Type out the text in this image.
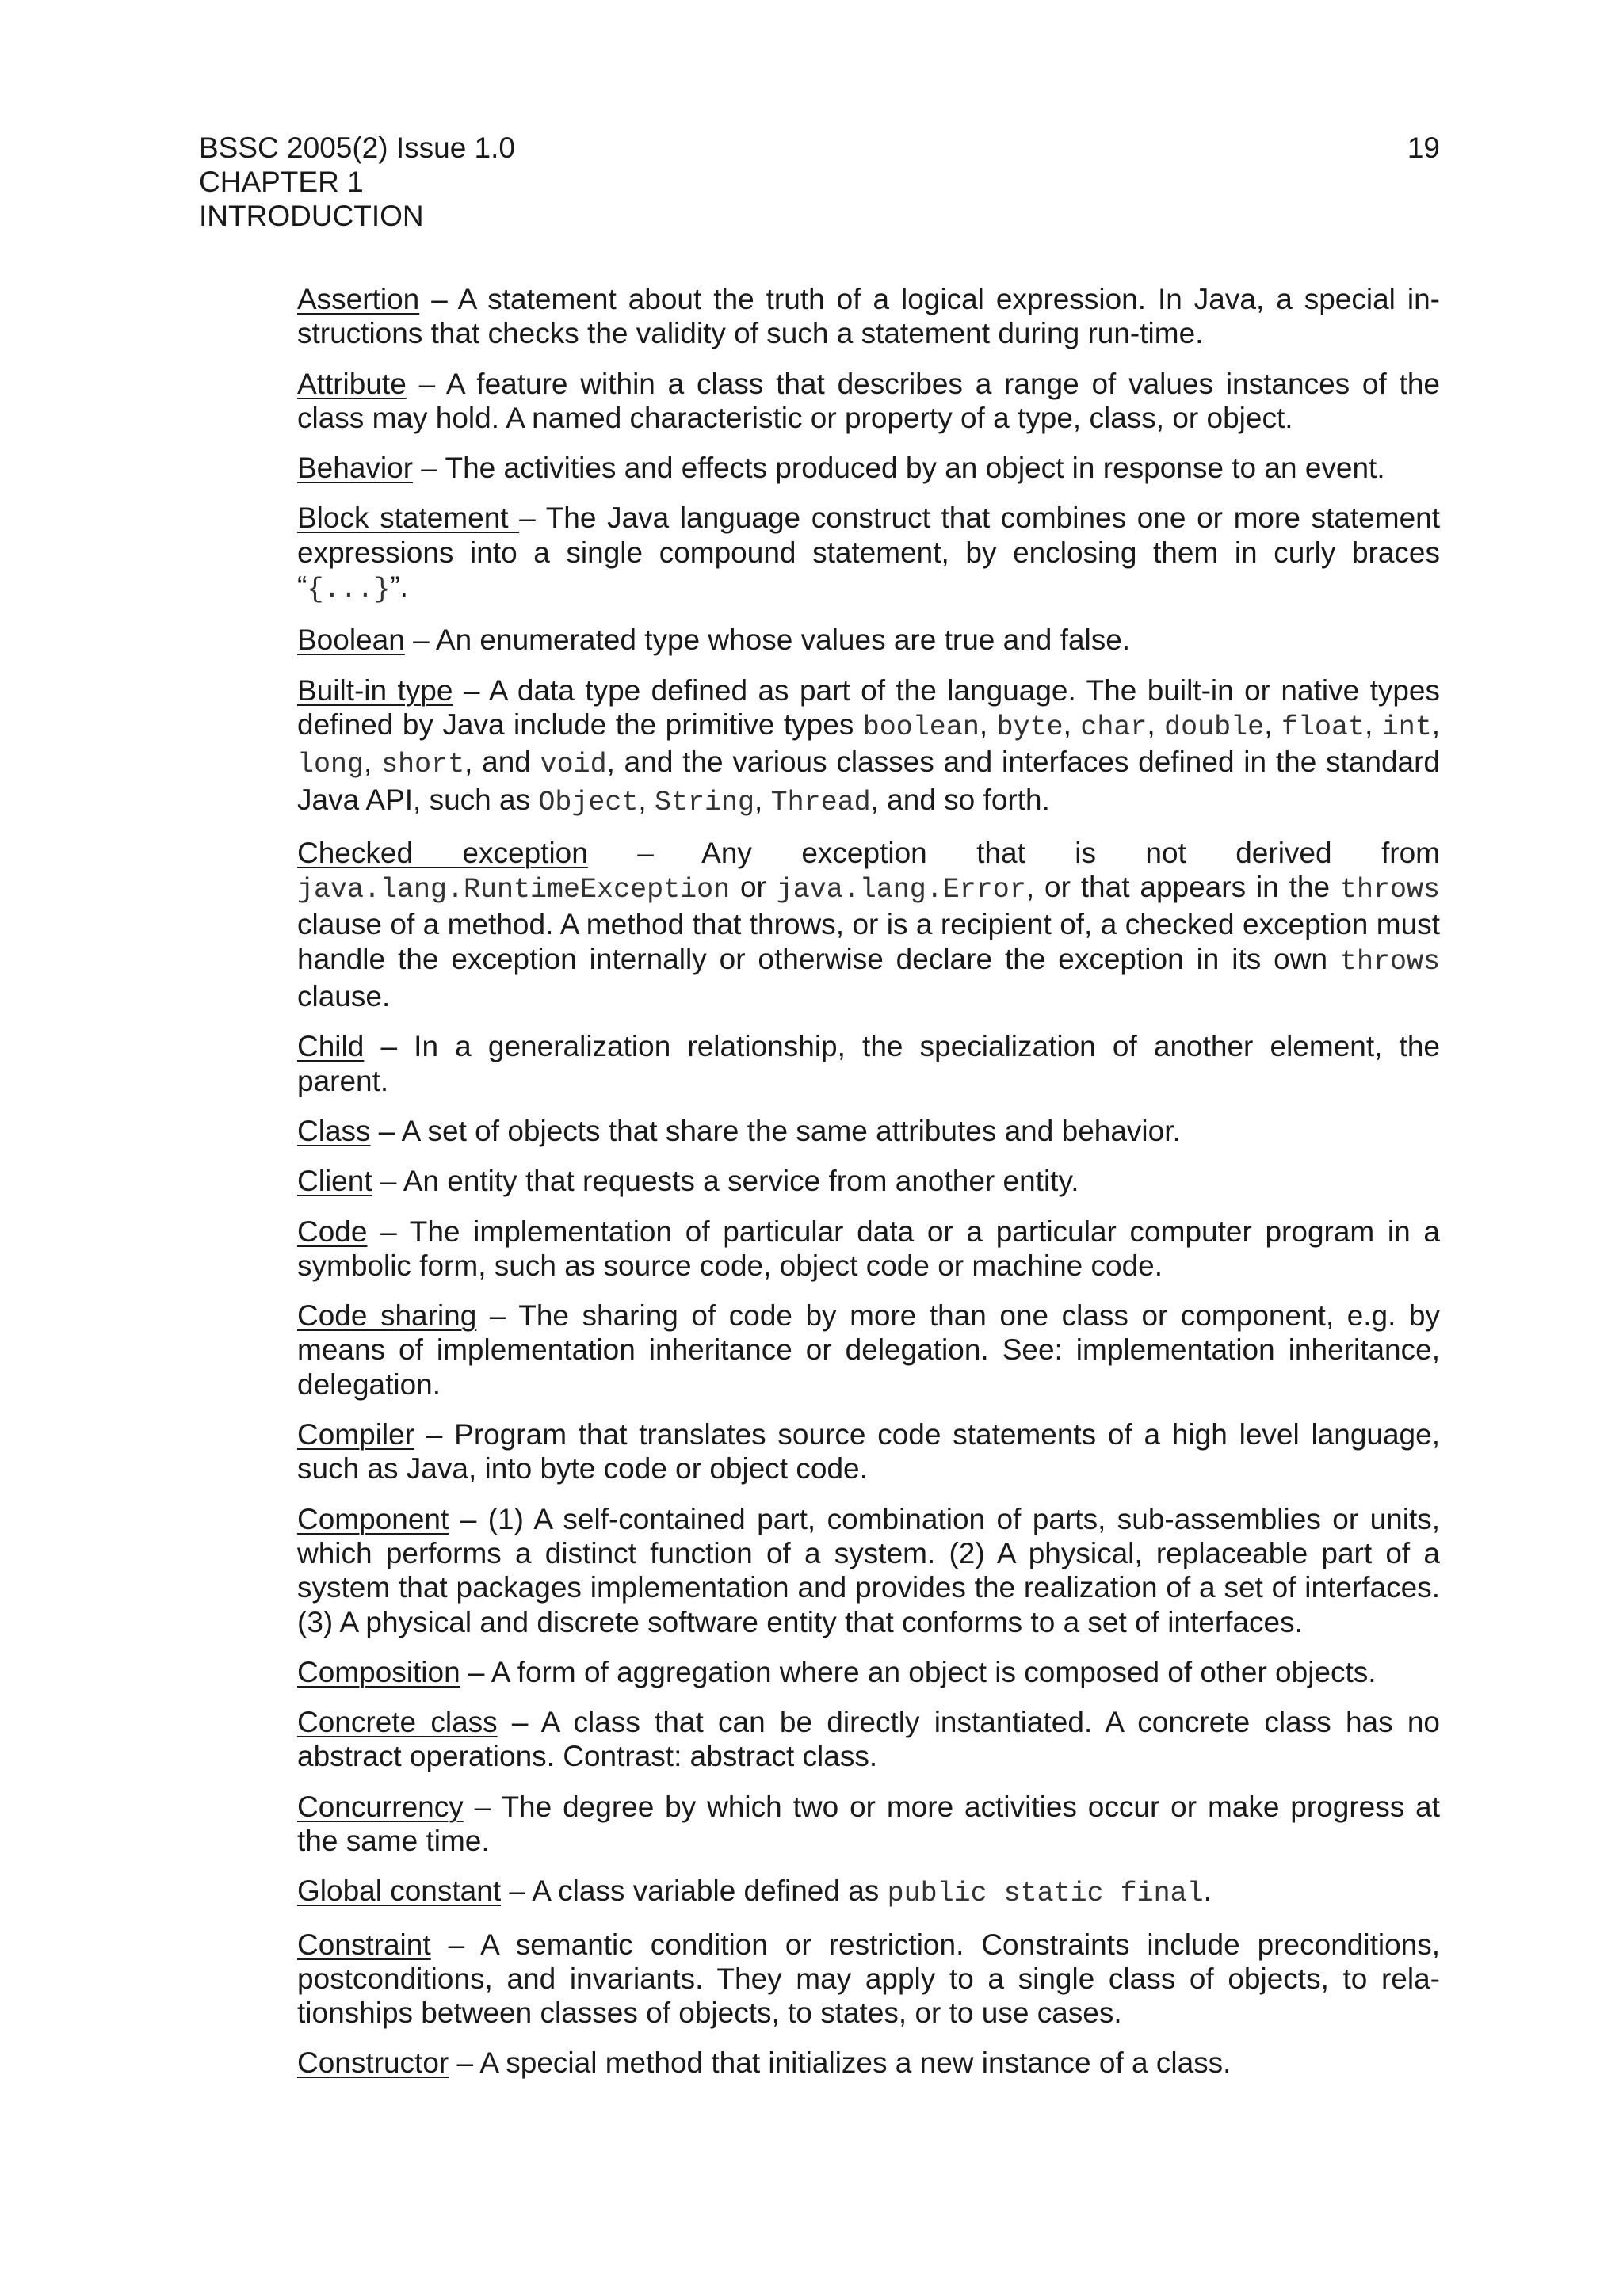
BSSC 2005(2) Issue 1.0
CHAPTER 1
INTRODUCTION
19

Assertion – A statement about the truth of a logical expression. In Java, a special instructions that checks the validity of such a statement during run-time.

Attribute – A feature within a class that describes a range of values instances of the class may hold. A named characteristic or property of a type, class, or object.

Behavior – The activities and effects produced by an object in response to an event.

Block statement – The Java language construct that combines one or more statement expressions into a single compound statement, by enclosing them in curly braces “{...}”.

Boolean – An enumerated type whose values are true and false.

Built-in type – A data type defined as part of the language. The built-in or native types defined by Java include the primitive types boolean, byte, char, double, float, int, long, short, and void, and the various classes and interfaces defined in the standard Java API, such as Object, String, Thread, and so forth.

Checked exception – Any exception that is not derived from java.lang.RuntimeException or java.lang.Error, or that appears in the throws clause of a method. A method that throws, or is a recipient of, a checked exception must handle the exception internally or otherwise declare the exception in its own throws clause.

Child – In a generalization relationship, the specialization of another element, the parent.

Class – A set of objects that share the same attributes and behavior.

Client – An entity that requests a service from another entity.

Code – The implementation of particular data or a particular computer program in a symbolic form, such as source code, object code or machine code.

Code sharing – The sharing of code by more than one class or component, e.g. by means of implementation inheritance or delegation. See: implementation inheritance, delegation.

Compiler – Program that translates source code statements of a high level language, such as Java, into byte code or object code.

Component – (1) A self-contained part, combination of parts, sub-assemblies or units, which performs a distinct function of a system. (2) A physical, replaceable part of a system that packages implementation and provides the realization of a set of interfaces. (3) A physical and discrete software entity that conforms to a set of interfaces.

Composition – A form of aggregation where an object is composed of other objects.

Concrete class – A class that can be directly instantiated. A concrete class has no abstract operations. Contrast: abstract class.

Concurrency – The degree by which two or more activities occur or make progress at the same time.

Global constant – A class variable defined as public static final.

Constraint – A semantic condition or restriction. Constraints include preconditions, postconditions, and invariants. They may apply to a single class of objects, to relationships between classes of objects, to states, or to use cases.

Constructor – A special method that initializes a new instance of a class.
